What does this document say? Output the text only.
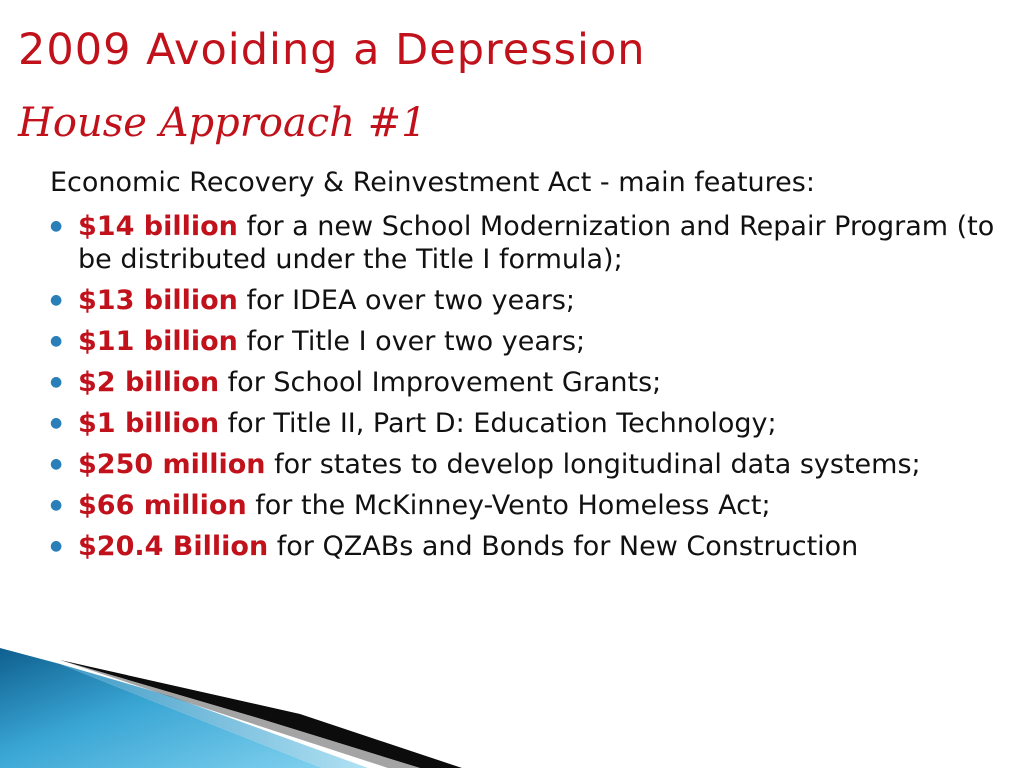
2009 Avoiding a Depression
House Approach #1

Economic Recovery & Reinvestment Act - main features:

● $14 billion for a new School Modernization and Repair Program (to be distributed under the Title I formula);
● $13 billion for IDEA over two years;
● $11 billion for Title I over two years;
● $2 billion for School Improvement Grants;
● $1 billion for Title II, Part D: Education Technology;
● $250 million for states to develop longitudinal data systems;
● $66 million for the McKinney-Vento Homeless Act;
● $20.4 Billion for QZABs and Bonds for New Construction
